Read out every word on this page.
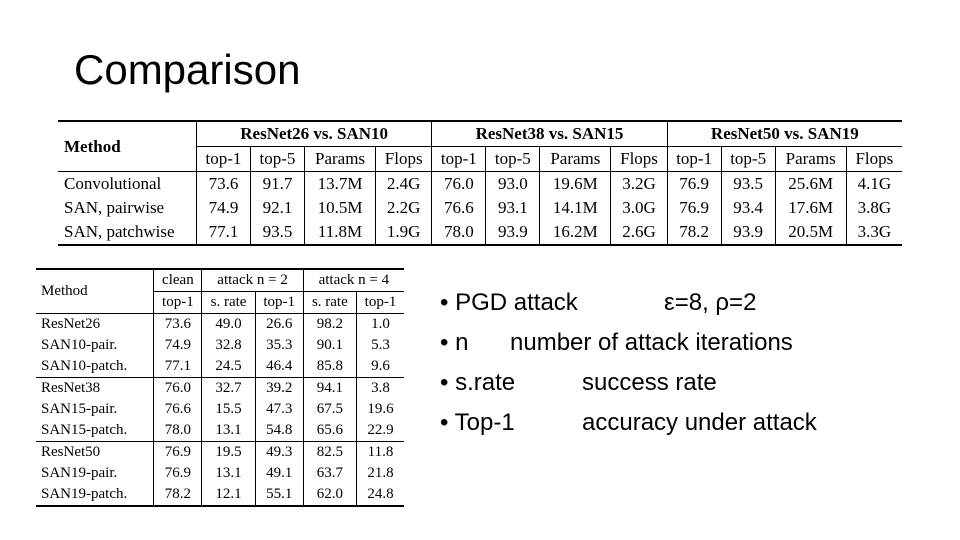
Comparison
Method	ResNet26 vs. SAN10				ResNet38 vs. SAN15				ResNet50 vs. SAN19			
	top-1	top-5	Params	Flops	top-1	top-5	Params	Flops	top-1	top-5	Params	Flops
Convolutional	73.6	91.7	13.7M	2.4G	76.0	93.0	19.6M	3.2G	76.9	93.5	25.6M	4.1G
SAN, pairwise	74.9	92.1	10.5M	2.2G	76.6	93.1	14.1M	3.0G	76.9	93.4	17.6M	3.8G
SAN, patchwise	77.1	93.5	11.8M	1.9G	78.0	93.9	16.2M	2.6G	78.2	93.9	20.5M	3.3G
Method	clean	attack n = 2		attack n = 4	
	top-1	s. rate	top-1	s. rate	top-1
ResNet26	73.6	49.0	26.6	98.2	1.0
SAN10-pair.	74.9	32.8	35.3	90.1	5.3
SAN10-patch.	77.1	24.5	46.4	85.8	9.6
ResNet38	76.0	32.7	39.2	94.1	3.8
SAN15-pair.	76.6	15.5	47.3	67.5	19.6
SAN15-patch.	78.0	13.1	54.8	65.6	22.9
ResNet50	76.9	19.5	49.3	82.5	11.8
SAN19-pair.	76.9	13.1	49.1	63.7	21.8
SAN19-patch.	78.2	12.1	55.1	62.0	24.8
• PGD attack	ε=8, ρ=2
• n number of attack iterations
• s.rate	success rate
• Top-1	accuracy under attack
